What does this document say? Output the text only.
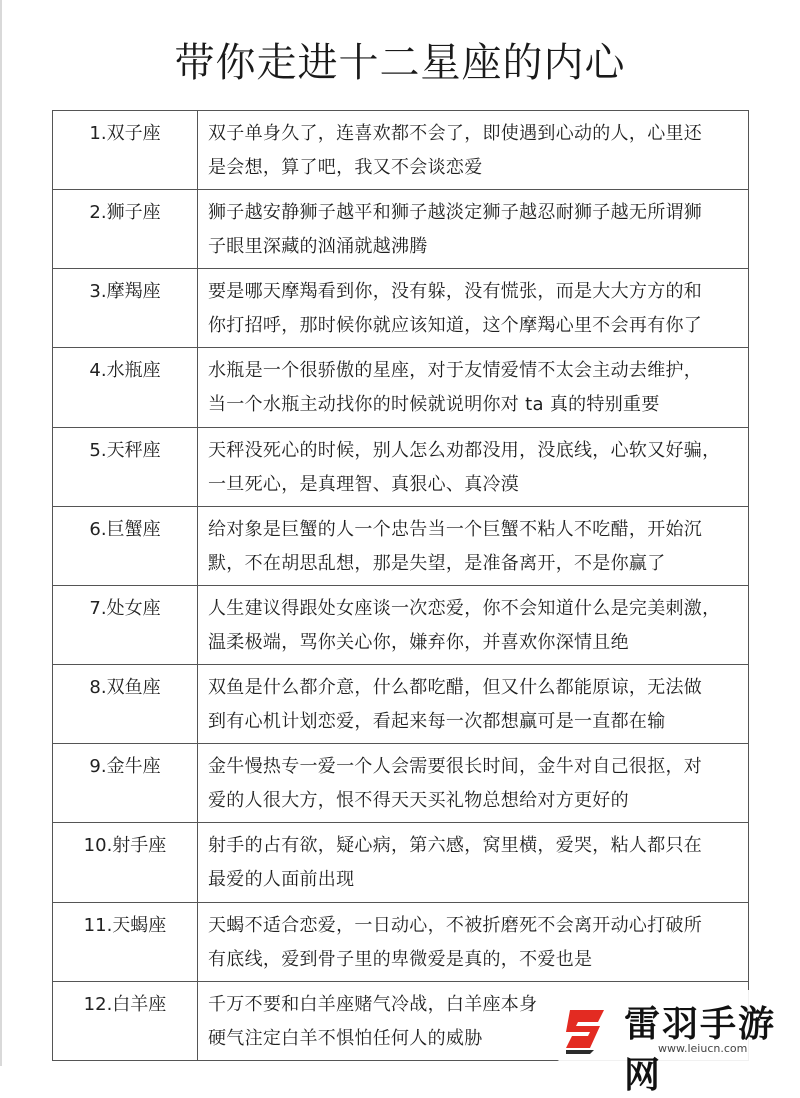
带你走进十二星座的内心
1.双子座	双子单身久了，连喜欢都不会了，即使遇到心动的人，心里还
是会想，算了吧，我又不会谈恋爱
2.狮子座	狮子越安静狮子越平和狮子越淡定狮子越忍耐狮子越无所谓狮
子眼里深藏的汹涌就越沸腾
3.摩羯座	要是哪天摩羯看到你，没有躲，没有慌张，而是大大方方的和
你打招呼，那时候你就应该知道，这个摩羯心里不会再有你了
4.水瓶座	水瓶是一个很骄傲的星座，对于友情爱情不太会主动去维护，
当一个水瓶主动找你的时候就说明你对 ta 真的特别重要
5.天秤座	天秤没死心的时候，别人怎么劝都没用，没底线，心软又好骗，
一旦死心，是真理智、真狠心、真冷漠
6.巨蟹座	给对象是巨蟹的人一个忠告当一个巨蟹不粘人不吃醋，开始沉
默，不在胡思乱想，那是失望，是准备离开，不是你赢了
7.处女座	人生建议得跟处女座谈一次恋爱，你不会知道什么是完美刺激，
温柔极端，骂你关心你，嫌弃你，并喜欢你深情且绝
8.双鱼座	双鱼是什么都介意，什么都吃醋，但又什么都能原谅，无法做
到有心机计划恋爱，看起来每一次都想赢可是一直都在输
9.金牛座	金牛慢热专一爱一个人会需要很长时间，金牛对自己很抠，对
爱的人很大方，恨不得天天买礼物总想给对方更好的
10.射手座	射手的占有欲，疑心病，第六感，窝里横，爱哭，粘人都只在
最爱的人面前出现
11.天蝎座	天蝎不适合恋爱，一日动心，不被折磨死不会离开动心打破所
有底线，爱到骨子里的卑微爱是真的，不爱也是
12.白羊座	千万不要和白羊座赌气冷战，白羊座本身
硬气注定白羊不惧怕任何人的威胁	雷羽手游网
www.leiucn.com
